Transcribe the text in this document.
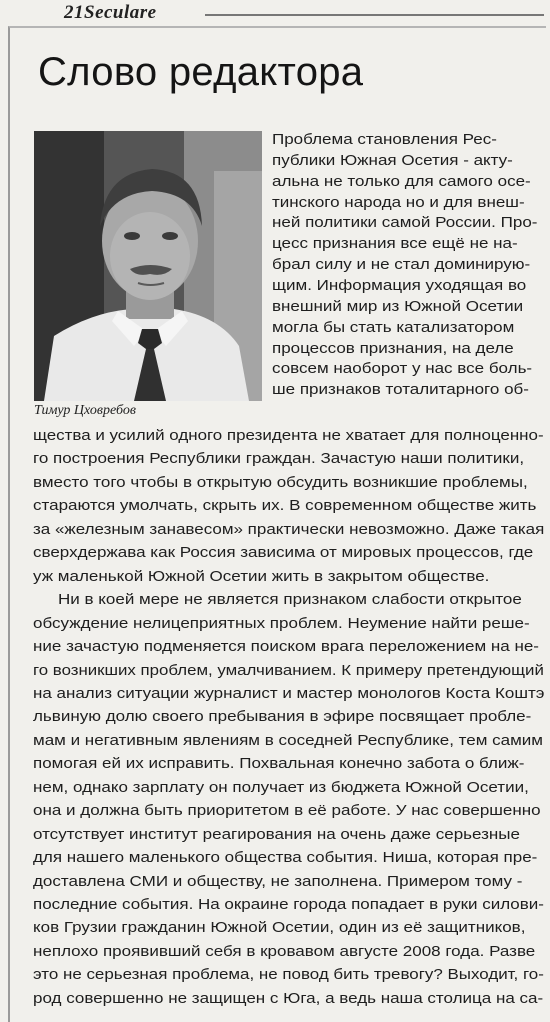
21Seculare
Слово редактора
Тимур Цховребов
Проблема становления Рес-
публики Южная Осетия - акту-
альна не только для самого осе-
тинского народа но и для внеш-
ней политики самой России. Про-
цесс признания все ещё не на-
брал силу и не стал доминирую-
щим. Информация уходящая во
внешний мир из Южной Осетии
могла бы стать катализатором
процессов признания, на деле
совсем наоборот у нас все боль-
ше признаков тоталитарного об-
щества и усилий одного президента не хватает для полноценно-
го построения Республики граждан. Зачастую наши политики,
вместо того чтобы в открытую обсудить возникшие проблемы,
стараются умолчать, скрыть их. В современном обществе жить
за «железным занавесом» практически невозможно. Даже такая
сверхдержава как Россия зависима от мировых процессов, где
уж маленькой Южной Осетии жить в закрытом обществе.
Ни в коей мере не является признаком слабости открытое
обсуждение нелицеприятных проблем. Неумение найти реше-
ние зачастую подменяется поиском врага переложением на не-
го возникших проблем, умалчиванием. К примеру претендующий
на анализ ситуации журналист и мастер монологов Коста Коштэ
львиную долю своего пребывания в эфире посвящает пробле-
мам и негативным явлениям в соседней Республике, тем самим
помогая ей их исправить. Похвальная конечно забота о ближ-
нем, однако зарплату он получает из бюджета Южной Осетии,
она и должна быть приоритетом в её работе. У нас совершенно
отсутствует институт реагирования на очень даже серьезные
для нашего маленького общества события. Ниша, которая пре-
доставлена СМИ и обществу, не заполнена. Примером тому -
последние события. На окраине города попадает в руки силови-
ков Грузии гражданин Южной Осетии, один из её защитников,
неплохо проявивший себя в кровавом августе 2008 года. Разве
это не серьезная проблема, не повод бить тревогу? Выходит, го-
род совершенно не защищен с Юга, а ведь наша столица на са-
